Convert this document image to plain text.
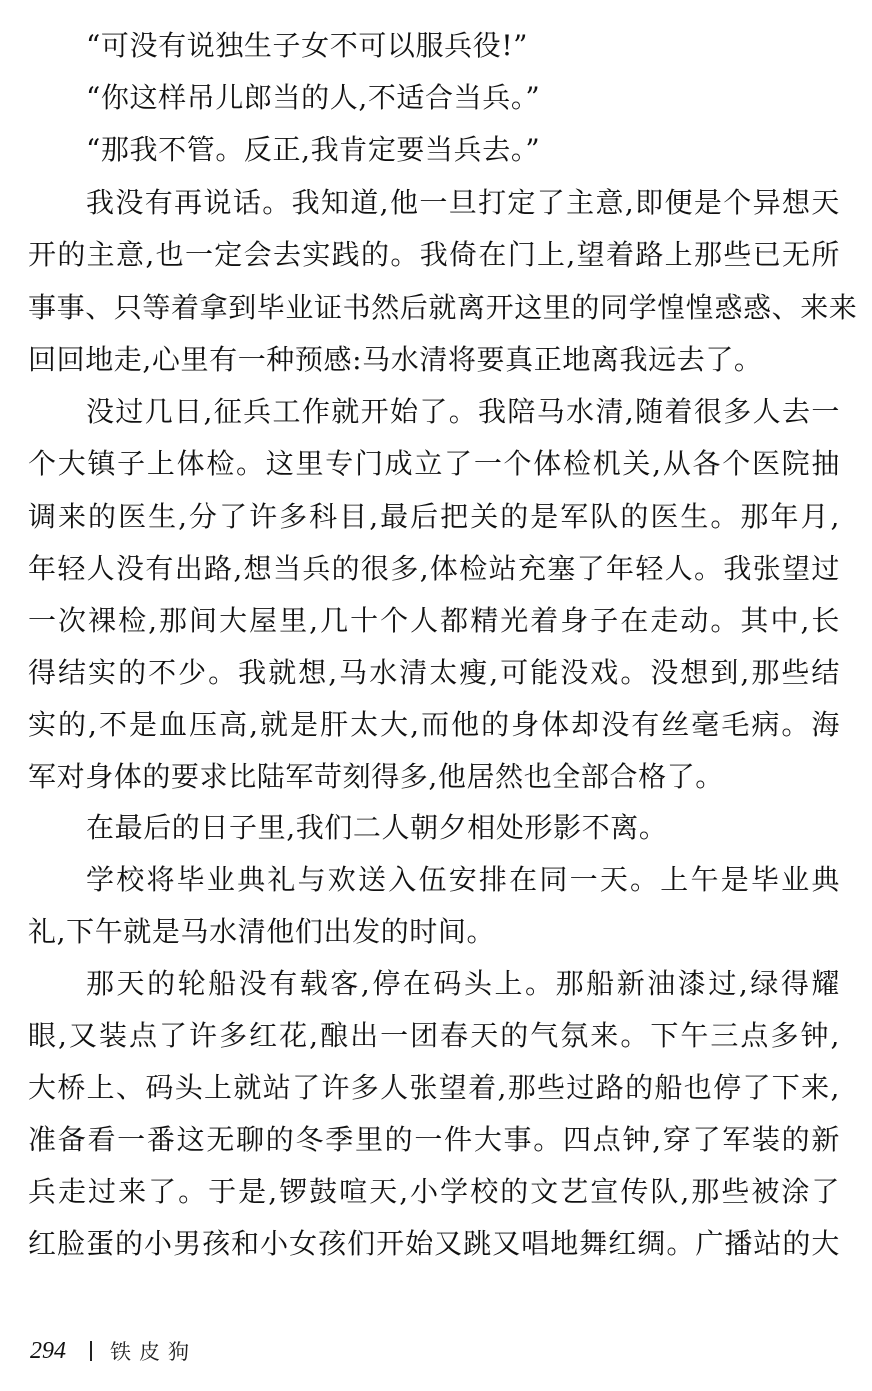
“可没有说独生子女不可以服兵役!”
“你这样吊儿郎当的人,不适合当兵。”
“那我不管。反正,我肯定要当兵去。”
我没有再说话。我知道,他一旦打定了主意,即便是个异想天
开的主意,也一定会去实践的。我倚在门上,望着路上那些已无所
事事、只等着拿到毕业证书然后就离开这里的同学惶惶惑惑、来来
回回地走,心里有一种预感:马水清将要真正地离我远去了。
没过几日,征兵工作就开始了。我陪马水清,随着很多人去一
个大镇子上体检。这里专门成立了一个体检机关,从各个医院抽
调来的医生,分了许多科目,最后把关的是军队的医生。那年月,
年轻人没有出路,想当兵的很多,体检站充塞了年轻人。我张望过
一次裸检,那间大屋里,几十个人都精光着身子在走动。其中,长
得结实的不少。我就想,马水清太瘦,可能没戏。没想到,那些结
实的,不是血压高,就是肝太大,而他的身体却没有丝毫毛病。海
军对身体的要求比陆军苛刻得多,他居然也全部合格了。
在最后的日子里,我们二人朝夕相处形影不离。
学校将毕业典礼与欢送入伍安排在同一天。上午是毕业典
礼,下午就是马水清他们出发的时间。
那天的轮船没有载客,停在码头上。那船新油漆过,绿得耀
眼,又装点了许多红花,酿出一团春天的气氛来。下午三点多钟,
大桥上、码头上就站了许多人张望着,那些过路的船也停了下来,
准备看一番这无聊的冬季里的一件大事。四点钟,穿了军装的新
兵走过来了。于是,锣鼓喧天,小学校的文艺宣传队,那些被涂了
红脸蛋的小男孩和小女孩们开始又跳又唱地舞红绸。广播站的大
294 铁皮狗
